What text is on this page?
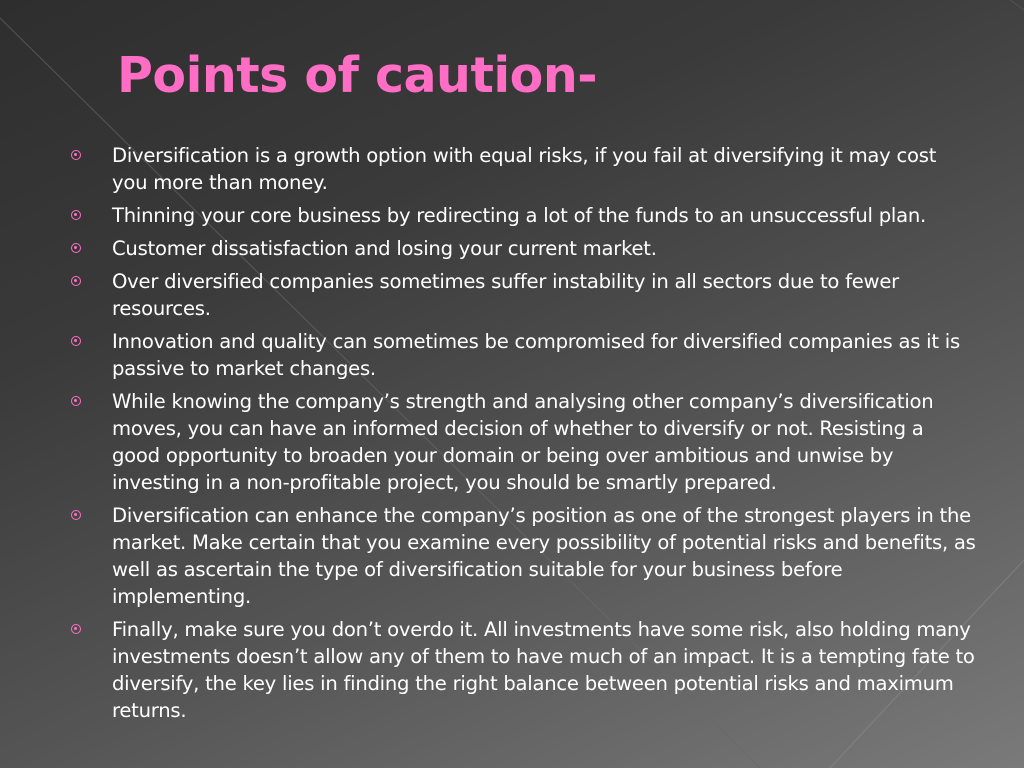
Points of caution-
Diversification is a growth option with equal risks, if you fail at diversifying it may cost you more than money.
Thinning your core business by redirecting a lot of the funds to an unsuccessful plan.
Customer dissatisfaction and losing your current market.
Over diversified companies sometimes suffer instability in all sectors due to fewer resources.
Innovation and quality can sometimes be compromised for diversified companies as it is passive to market changes.
While knowing the company’s strength and analysing other company’s diversification moves, you can have an informed decision of whether to diversify or not. Resisting a good opportunity to broaden your domain or being over ambitious and unwise by investing in a non-profitable project, you should be smartly prepared.
Diversification can enhance the company’s position as one of the strongest players in the market. Make certain that you examine every possibility of potential risks and benefits, as well as ascertain the type of diversification suitable for your business before implementing.
Finally, make sure you don’t overdo it. All investments have some risk, also holding many investments doesn’t allow any of them to have much of an impact. It is a tempting fate to diversify, the key lies in finding the right balance between potential risks and maximum returns.
